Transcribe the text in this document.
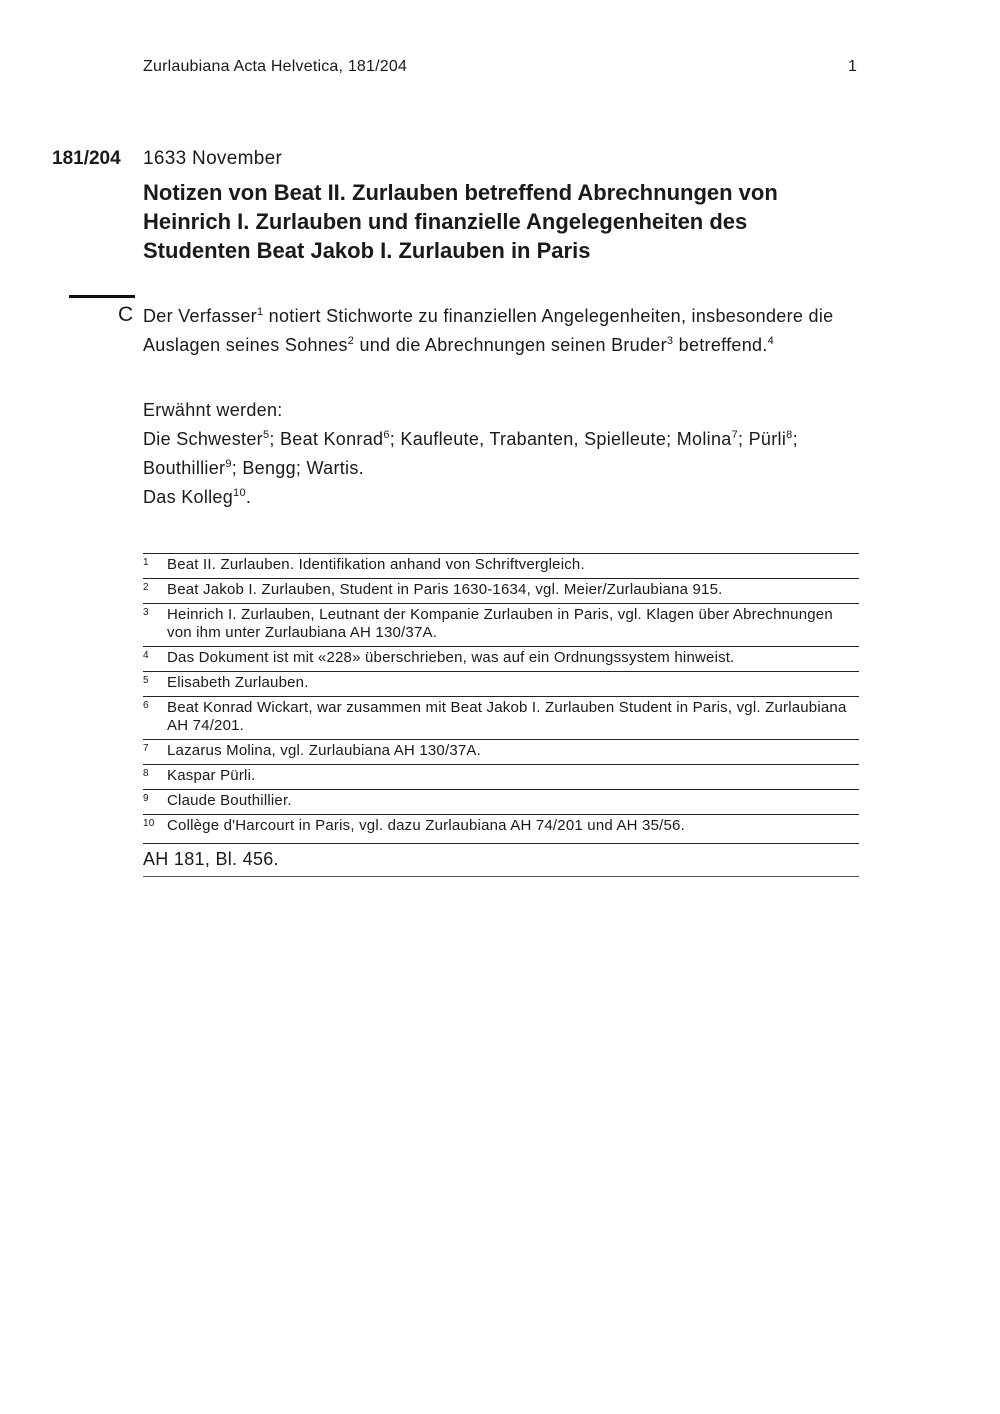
Zurlaubiana Acta Helvetica, 181/204	1
181/204 1633 November
Notizen von Beat II. Zurlauben betreffend Abrechnungen von
Heinrich I. Zurlauben und finanzielle Angelegenheiten des
Studenten Beat Jakob I. Zurlauben in Paris
C Der Verfasser$^1$ notiert Stichworte zu finanziellen Angelegenheiten, insbesondere die Auslagen seines Sohnes$^2$ und die Abrechnungen seinen Bruder$^3$ betreffend.$^4$

Erwähnt werden:
Die Schwester$^5$; Beat Konrad$^6$; Kaufleute, Trabanten, Spielleute; Molina$^7$; Pürli$^8$;
Bouthillier$^9$; Bengg; Wartis.
Das Kolleg$^{10}$.
1 Beat II. Zurlauben. Identifikation anhand von Schriftvergleich.
2 Beat Jakob I. Zurlauben, Student in Paris 1630-1634, vgl. Meier/Zurlaubiana 915.
3 Heinrich I. Zurlauben, Leutnant der Kompanie Zurlauben in Paris, vgl. Klagen über Abrechnungen von ihm unter Zurlaubiana AH 130/37A.
4 Das Dokument ist mit «228» überschrieben, was auf ein Ordnungssystem hinweist.
5 Elisabeth Zurlauben.
6 Beat Konrad Wickart, war zusammen mit Beat Jakob I. Zurlauben Student in Paris, vgl. Zurlaubiana AH 74/201.
7 Lazarus Molina, vgl. Zurlaubiana AH 130/37A.
8 Kaspar Pürli.
9 Claude Bouthillier.
10 Collège d'Harcourt in Paris, vgl. dazu Zurlaubiana AH 74/201 und AH 35/56.
AH 181, Bl. 456.
